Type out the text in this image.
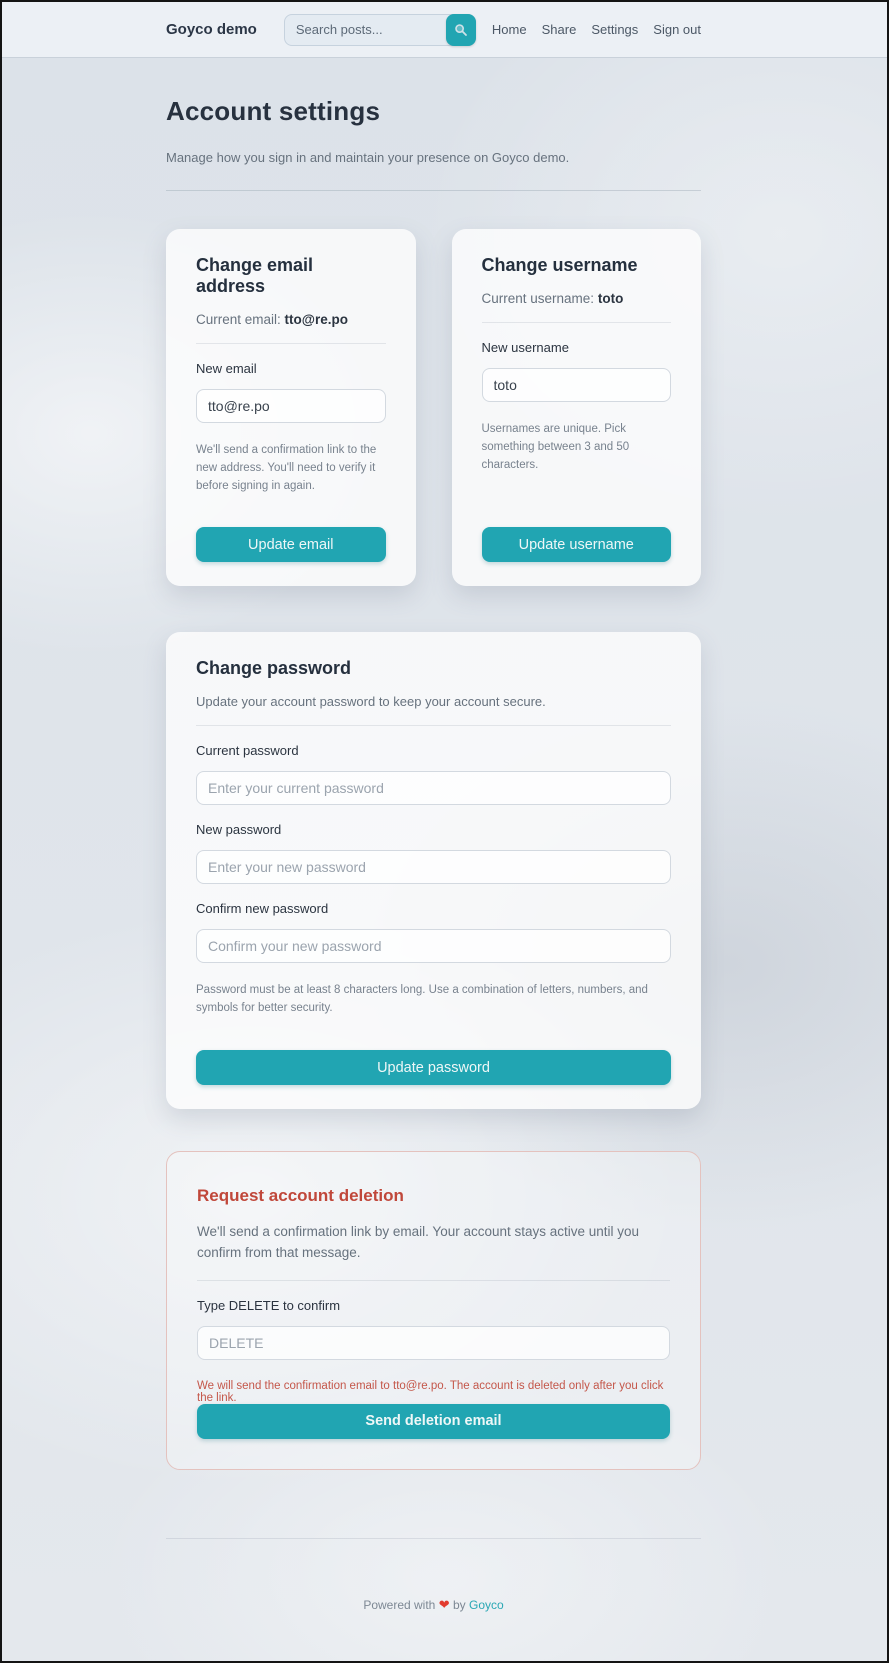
Goyco demo
Search posts...	Home Share Settings Sign out
Account settings

Manage how you sign in and maintain your presence on Goyco demo.

Change email address

Current email: tto@re.po

New email
tto@re.po

We'll send a confirmation link to the new address. You'll need to verify it before signing in again.

Update email
Change username

Current username: toto

New username
toto

Usernames are unique. Pick something between 3 and 50 characters.

Update username
Change password

Update your account password to keep your account secure.

Current password
New password
Confirm new password

Password must be at least 8 characters long. Use a combination of letters, numbers, and symbols for better security.

Update password
Request account deletion

We'll send a confirmation link by email. Your account stays active until you confirm from that message.

Type DELETE to confirm
DELETE

We will send the confirmation email to tto@re.po. The account is deleted only after you click the link.

Send deletion email
Powered with ❤ by Goyco
